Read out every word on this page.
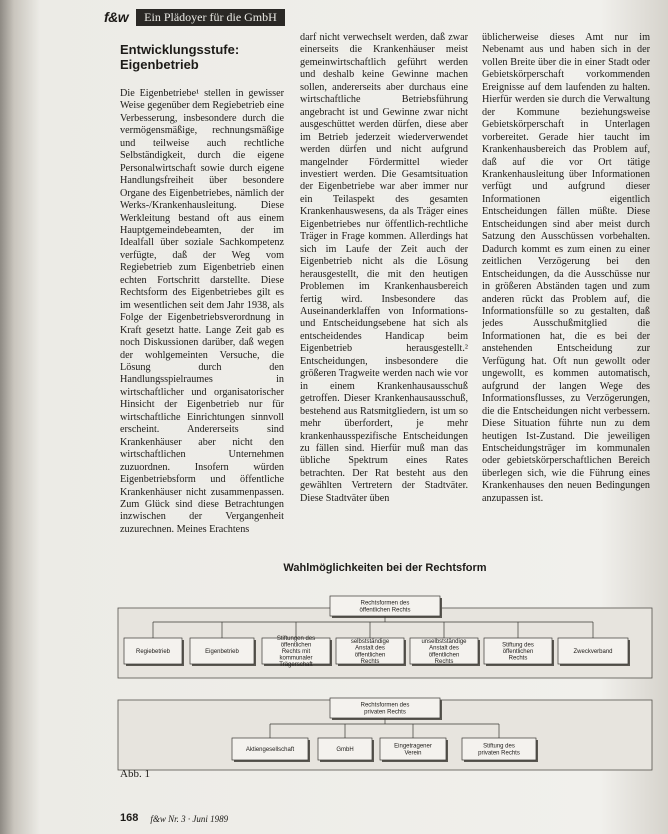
f&w	Ein Plädoyer für die GmbH

Entwicklungsstufe:
Eigenbetrieb

Die Eigenbetriebe¹ stellen in gewisser Weise gegenüber dem Regiebetrieb eine Verbesserung, insbesondere durch die vermögensmäßige, rechnungsmäßige und teilweise auch rechtliche Selbständigkeit, durch die eigene Personalwirtschaft sowie durch eigene Handlungsfreiheit über besondere Organe des Eigenbetriebes, nämlich der Werks-/Krankenhausleitung. Diese Werkleitung bestand oft aus einem Hauptgemeindebeamten, der im Idealfall über soziale Sachkompetenz verfügte, daß der Weg vom Regiebetrieb zum Eigenbetrieb einen echten Fortschritt darstellte. Diese Rechtsform des Eigenbetriebes gilt es im wesentlichen seit dem Jahr 1938, als Folge der Eigenbetriebsverordnung in Kraft gesetzt hatte. Lange Zeit gab es noch Diskussionen darüber, daß wegen der wohlgemeinten Versuche, die Lösung durch den Handlungsspielraumes in wirtschaftlicher und organisatorischer Hinsicht der Eigenbetrieb nur für wirtschaftliche Einrichtungen sinnvoll erscheint. Andererseits sind Krankenhäuser aber nicht den wirtschaftlichen Unternehmen zuzuordnen. Insofern würden Eigenbetriebsform und öffentliche Krankenhäuser nicht zusammenpassen. Zum Glück sind diese Betrachtungen inzwischen der Vergangenheit zuzurechnen. Meines Erachtens

darf nicht verwechselt werden, daß zwar einerseits die Krankenhäuser meist gemeinwirtschaftlich geführt werden und deshalb keine Gewinne machen sollen, andererseits aber durchaus eine wirtschaftliche Betriebsführung angebracht ist und Gewinne zwar nicht ausgeschüttet werden dürfen, diese aber im Betrieb jederzeit wiederverwendet werden dürfen und nicht aufgrund mangelnder Fördermittel wieder investiert werden. Die Gesamtsituation der Eigenbetriebe war aber immer nur ein Teilaspekt des gesamten Krankenhauswesens, da als Träger eines Eigenbetriebes nur öffentlich-rechtliche Träger in Frage kommen. Allerdings hat sich im Laufe der Zeit auch der Eigenbetrieb nicht als die Lösung herausgestellt, die mit den heutigen Problemen im Krankenhausbereich fertig wird. Insbesondere das Auseinanderklaffen von Informations- und Entscheidungsebene hat sich als entscheidendes Handicap beim Eigenbetrieb herausgestellt.² Entscheidungen, insbesondere die größeren Tragweite werden nach wie vor in einem Krankenhausausschuß getroffen. Dieser Krankenhausausschuß, bestehend aus Ratsmitgliedern, ist um so mehr überfordert, je mehr krankenhausspezifische Entscheidungen zu fällen sind. Hierfür muß man das übliche Spektrum eines Rates betrachten. Der Rat besteht aus den gewählten Vertretern der Stadtväter. Diese Stadtväter üben

üblicherweise dieses Amt nur im Nebenamt aus und haben sich in der vollen Breite über die in einer Stadt oder Gebietskörperschaft vorkommenden Ereignisse auf dem laufenden zu halten. Hierfür werden sie durch die Verwaltung der Kommune beziehungsweise Gebietskörperschaft in Unterlagen vorbereitet. Gerade hier taucht im Krankenhausbereich das Problem auf, daß auf die vor Ort tätige Krankenhausleitung über Informationen verfügt und aufgrund dieser Informationen eigentlich Entscheidungen fällen müßte. Diese Entscheidungen sind aber meist durch Satzung den Ausschüssen vorbehalten. Dadurch kommt es zum einen zu einer zeitlichen Verzögerung bei den Entscheidungen, da die Ausschüsse nur in größeren Abständen tagen und zum anderen rückt das Problem auf, die Informationsfülle so zu gestalten, daß jedes Ausschußmitglied die Informationen hat, die es bei der anstehenden Entscheidung zur Verfügung hat. Oft nun gewollt oder ungewollt, es kommen automatisch, aufgrund der langen Wege des Informationsflusses, zu Verzögerungen, die die Entscheidungen nicht verbessern. Diese Situation führte nun zu dem heutigen Ist-Zustand. Die jeweiligen Entscheidungsträger im kommunalen oder gebietskörperschaftlichen Bereich überlegen sich, wie die Führung eines Krankenhauses den neuen Bedingungen anzupassen ist.

Wahlmöglichkeiten bei der Rechtsform
Rechtsformen des öffentlichen Rechts
Regiebetrieb	Eigenbetrieb
Stiftungen des öffentlichen Rechts mit kommunaler Trägerschaft
selbstständige Anstalt des öffentlichen Rechts
unselbstständige Anstalt des öffentlichen Rechts
Stiftung des öffentlichen Rechts
Zweckverband
Rechtsformen des privaten Rechts
Aktiengesellschaft	GmbH
Eingetragener Verein
Stiftung des privaten Rechts
Abb. 1
168 f&w Nr. 3 · Juni 1989
